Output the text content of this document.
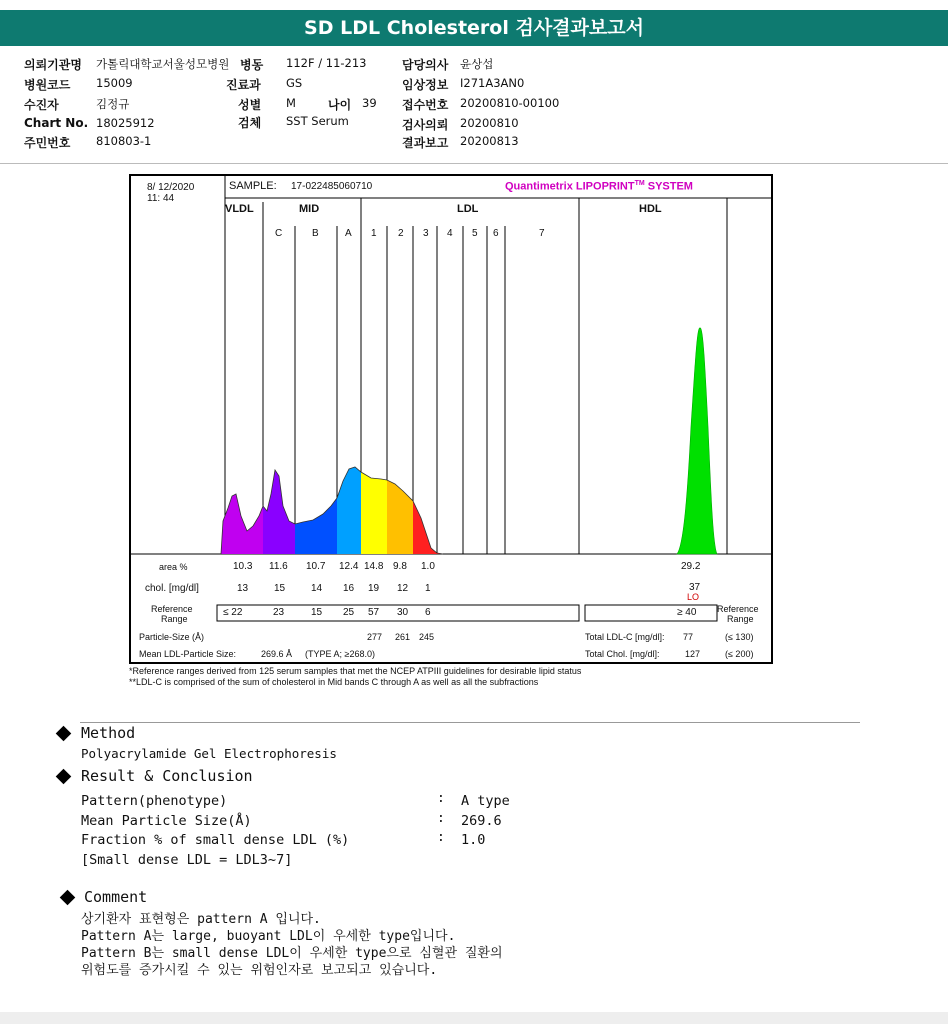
SD LDL Cholesterol 검사결과보고서
의뢰기관명 가톨릭대학교서울성모병원 병동 112F / 11-213	담당의사 윤상섭
병원코드 15009	진료과 GS	임상정보 I271A3AN0
수진자	김정규	성별 M	나이 39 접수번호 20200810-00100
Chart No. 18025912	검체 SST Serum	검사의뢰 20200810
주민번호 810803-1	결과보고 20200813
8/ 12/2020
11: 44
SAMPLE: 17-022485060710	Quantimetrix LIPOPRINT™ SYSTEM
VLDL	MID	LDL	HDL
C	B	A 1 2 3 4 5 6	7
area %	10.3 11.6 10.7 12.4 14.8 9.8 1.0	29.2
chol. [mg/dl]	13	15	14 16 19 12 1	37
LO
Reference
Range
≤ 22	23	15 25 57 30 6	≥ 40 Reference
Range
Particle-Size (Å)	277 261 245	Total LDL-C [mg/dl]: 77	(≤ 130)
Mean LDL-Particle Size:	269.6 Å (TYPE A; ≥268.0)	Total Chol. [mg/dl]:	127	(≤ 200)
*Reference ranges derived from 125 serum samples that met the NCEP ATPIII guidelines for desirable lipid status
**LDL-C is comprised of the sum of cholesterol in Mid bands C through A as well as all the subfractions
Method
Polyacrylamide Gel Electrophoresis
Result & Conclusion
Pattern(phenotype)	: A type
Mean Particle Size(Å)	: 269.6
Fraction % of small dense LDL (%)	: 1.0
[Small dense LDL = LDL3~7]
Comment
상기환자 표현형은 pattern A 입니다.
Pattern A는 large, buoyant LDL이 우세한 type입니다.
Pattern B는 small dense LDL이 우세한 type으로 심혈관 질환의
위험도를 증가시킬 수 있는 위험인자로 보고되고 있습니다.
